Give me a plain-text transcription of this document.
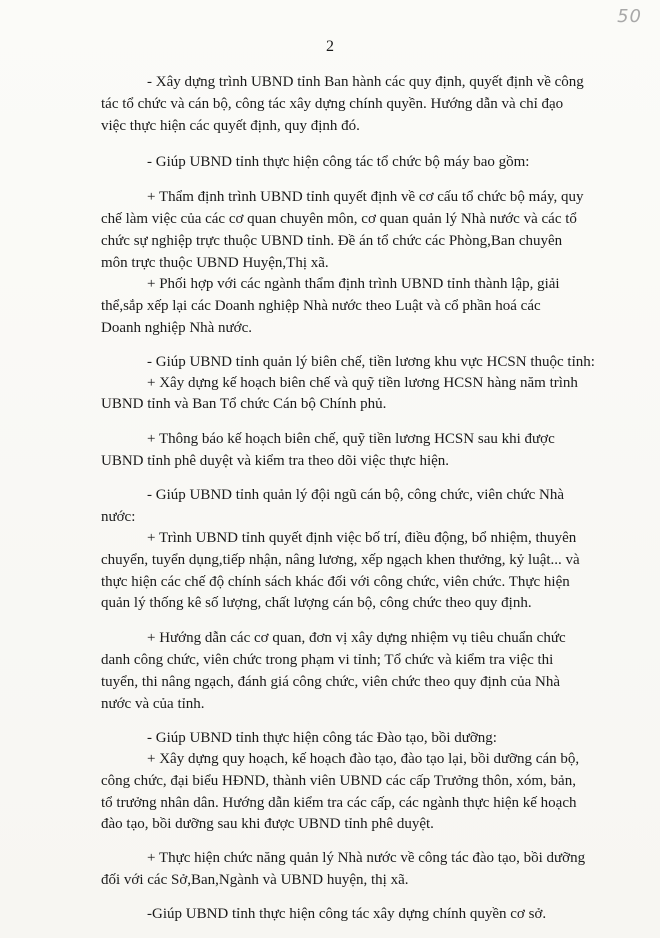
50
2
- Xây dựng trình UBND tỉnh Ban hành các quy định, quyết định về công
tác tổ chức và cán bộ, công tác xây dựng chính quyền. Hướng dẫn và chỉ đạo
việc thực hiện các quyết định, quy định đó.
- Giúp UBND tỉnh thực hiện công tác tổ chức bộ máy bao gồm:
+ Thẩm định trình UBND tỉnh quyết định về cơ cấu tổ chức bộ máy, quy
chế làm việc của các cơ quan chuyên môn, cơ quan quản lý Nhà nước và các tổ
chức sự nghiệp trực thuộc UBND tỉnh. Đề án tổ chức các Phòng,Ban chuyên
môn trực thuộc UBND Huyện,Thị xã.
+ Phối hợp với các ngành thẩm định trình UBND tỉnh thành lập, giải
thể,sắp xếp lại các Doanh nghiệp Nhà nước theo Luật và cổ phần hoá các
Doanh nghiệp Nhà nước.
- Giúp UBND tỉnh quản lý biên chế, tiền lương khu vực HCSN thuộc tỉnh:
+ Xây dựng kế hoạch biên chế và quỹ tiền lương HCSN hàng năm trình
UBND tỉnh và Ban Tổ chức Cán bộ Chính phủ.
+ Thông báo kế hoạch biên chế, quỹ tiền lương HCSN sau khi được
UBND tỉnh phê duyệt và kiểm tra theo dõi việc thực hiện.
- Giúp UBND tỉnh quản lý đội ngũ cán bộ, công chức, viên chức Nhà
nước:
+ Trình UBND tỉnh quyết định việc bố trí, điều động, bổ nhiệm, thuyên
chuyển, tuyển dụng,tiếp nhận, nâng lương, xếp ngạch khen thưởng, kỷ luật... và
thực hiện các chế độ chính sách khác đối với công chức, viên chức. Thực hiện
quản lý thống kê số lượng, chất lượng cán bộ, công chức theo quy định.
+ Hướng dẫn các cơ quan, đơn vị xây dựng nhiệm vụ tiêu chuẩn chức
danh công chức, viên chức trong phạm vi tỉnh; Tổ chức và kiểm tra việc thi
tuyển, thi nâng ngạch, đánh giá công chức, viên chức theo quy định của Nhà
nước và của tỉnh.
- Giúp UBND tỉnh thực hiện công tác Đào tạo, bồi dưỡng:
+ Xây dựng quy hoạch, kế hoạch đào tạo, đào tạo lại, bồi dưỡng cán bộ,
công chức, đại biểu HĐND, thành viên UBND các cấp Trưởng thôn, xóm, bản,
tổ trưởng nhân dân. Hướng dẫn kiểm tra các cấp, các ngành thực hiện kế hoạch
đào tạo, bồi dưỡng sau khi được UBND tỉnh phê duyệt.
+ Thực hiện chức năng quản lý Nhà nước về công tác đào tạo, bồi dưỡng
đối với các Sở,Ban,Ngành và UBND huyện, thị xã.
-Giúp UBND tỉnh thực hiện công tác xây dựng chính quyền cơ sở.
